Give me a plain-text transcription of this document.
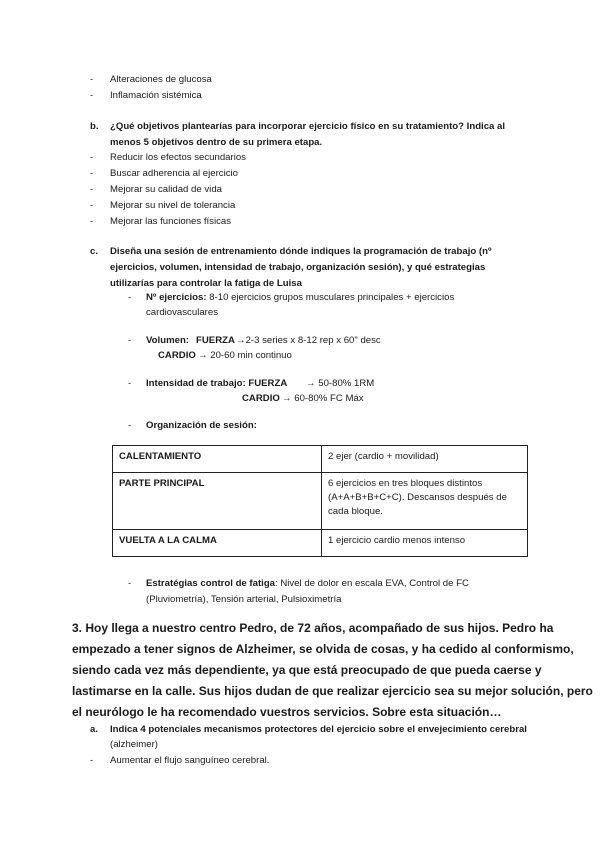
- Alteraciones de glucosa
- Inflamación sistémica
b. ¿Qué objetivos plantearías para incorporar ejercicio físico en su tratamiento? Indica al
menos 5 objetivos dentro de su primera etapa.
- Reducir los efectos secundarios
- Buscar adherencia al ejercicio
- Mejorar su calidad de vida
- Mejorar su nivel de tolerancia
- Mejorar las funciones físicas
c. Diseña una sesión de entrenamiento dónde indiques la programación de trabajo (nº
ejercicios, volumen, intensidad de trabajo, organización sesión), y qué estrategias
utilizarías para controlar la fatiga de Luisa
- Nº ejercicios: 8-10 ejercicios grupos musculares principales + ejercicios
cardiovasculares
- Volumen: FUERZA →2-3 series x 8-12 rep x 60" desc
CARDIO → 20-60 min continuo
- Intensidad de trabajo: FUERZA → 50-80% 1RM
CARDIO → 60-80% FC Máx
- Organización de sesión:
CALENTAMIENTO	2 ejer (cardio + movilidad)
PARTE PRINCIPAL	6 ejercicios en tres bloques distintos (A+A+B+B+C+C). Descansos después de cada bloque.
VUELTA A LA CALMA	1 ejercicio cardio menos intenso
- Estratégias control de fatiga: Nivel de dolor en escala EVA, Control de FC
(Pluviometría), Tensión arterial, Pulsioximetría
3. Hoy llega a nuestro centro Pedro, de 72 años, acompañado de sus hijos. Pedro ha
empezado a tener signos de Alzheimer, se olvida de cosas, y ha cedido al conformismo,
siendo cada vez más dependiente, ya que está preocupado de que pueda caerse y
lastimarse en la calle. Sus hijos dudan de que realizar ejercicio sea su mejor solución, pero
el neurólogo le ha recomendado vuestros servicios. Sobre esta situación…
a. Indica 4 potenciales mecanismos protectores del ejercicio sobre el envejecimiento cerebral
(alzheimer)
- Aumentar el flujo sanguíneo cerebral.
